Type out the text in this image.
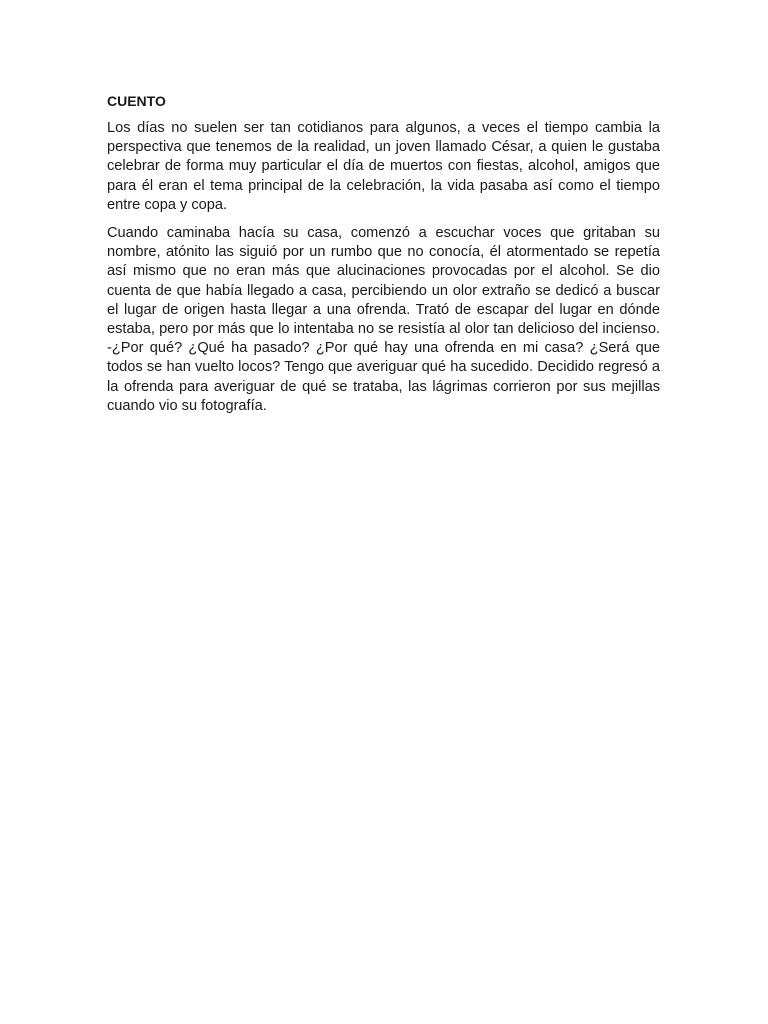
CUENTO

Los días no suelen ser tan cotidianos para algunos, a veces el tiempo cambia la perspectiva que tenemos de la realidad, un joven llamado César, a quien le gustaba celebrar de forma muy particular el día de muertos con fiestas, alcohol, amigos que para él eran el tema principal de la celebración, la vida pasaba así como el tiempo entre copa y copa.

Cuando caminaba hacía su casa, comenzó a escuchar voces que gritaban su nombre, atónito las siguió por un rumbo que no conocía, él atormentado se repetía así mismo que no eran más que alucinaciones provocadas por el alcohol. Se dio cuenta de que había llegado a casa, percibiendo un olor extraño se dedicó a buscar el lugar de origen hasta llegar a una ofrenda. Trató de escapar del lugar en dónde estaba, pero por más que lo intentaba no se resistía al olor tan delicioso del incienso. -¿Por qué? ¿Qué ha pasado? ¿Por qué hay una ofrenda en mi casa? ¿Será que todos se han vuelto locos? Tengo que averiguar qué ha sucedido. Decidido regresó a la ofrenda para averiguar de qué se trataba, las lágrimas corrieron por sus mejillas cuando vio su fotografía.
